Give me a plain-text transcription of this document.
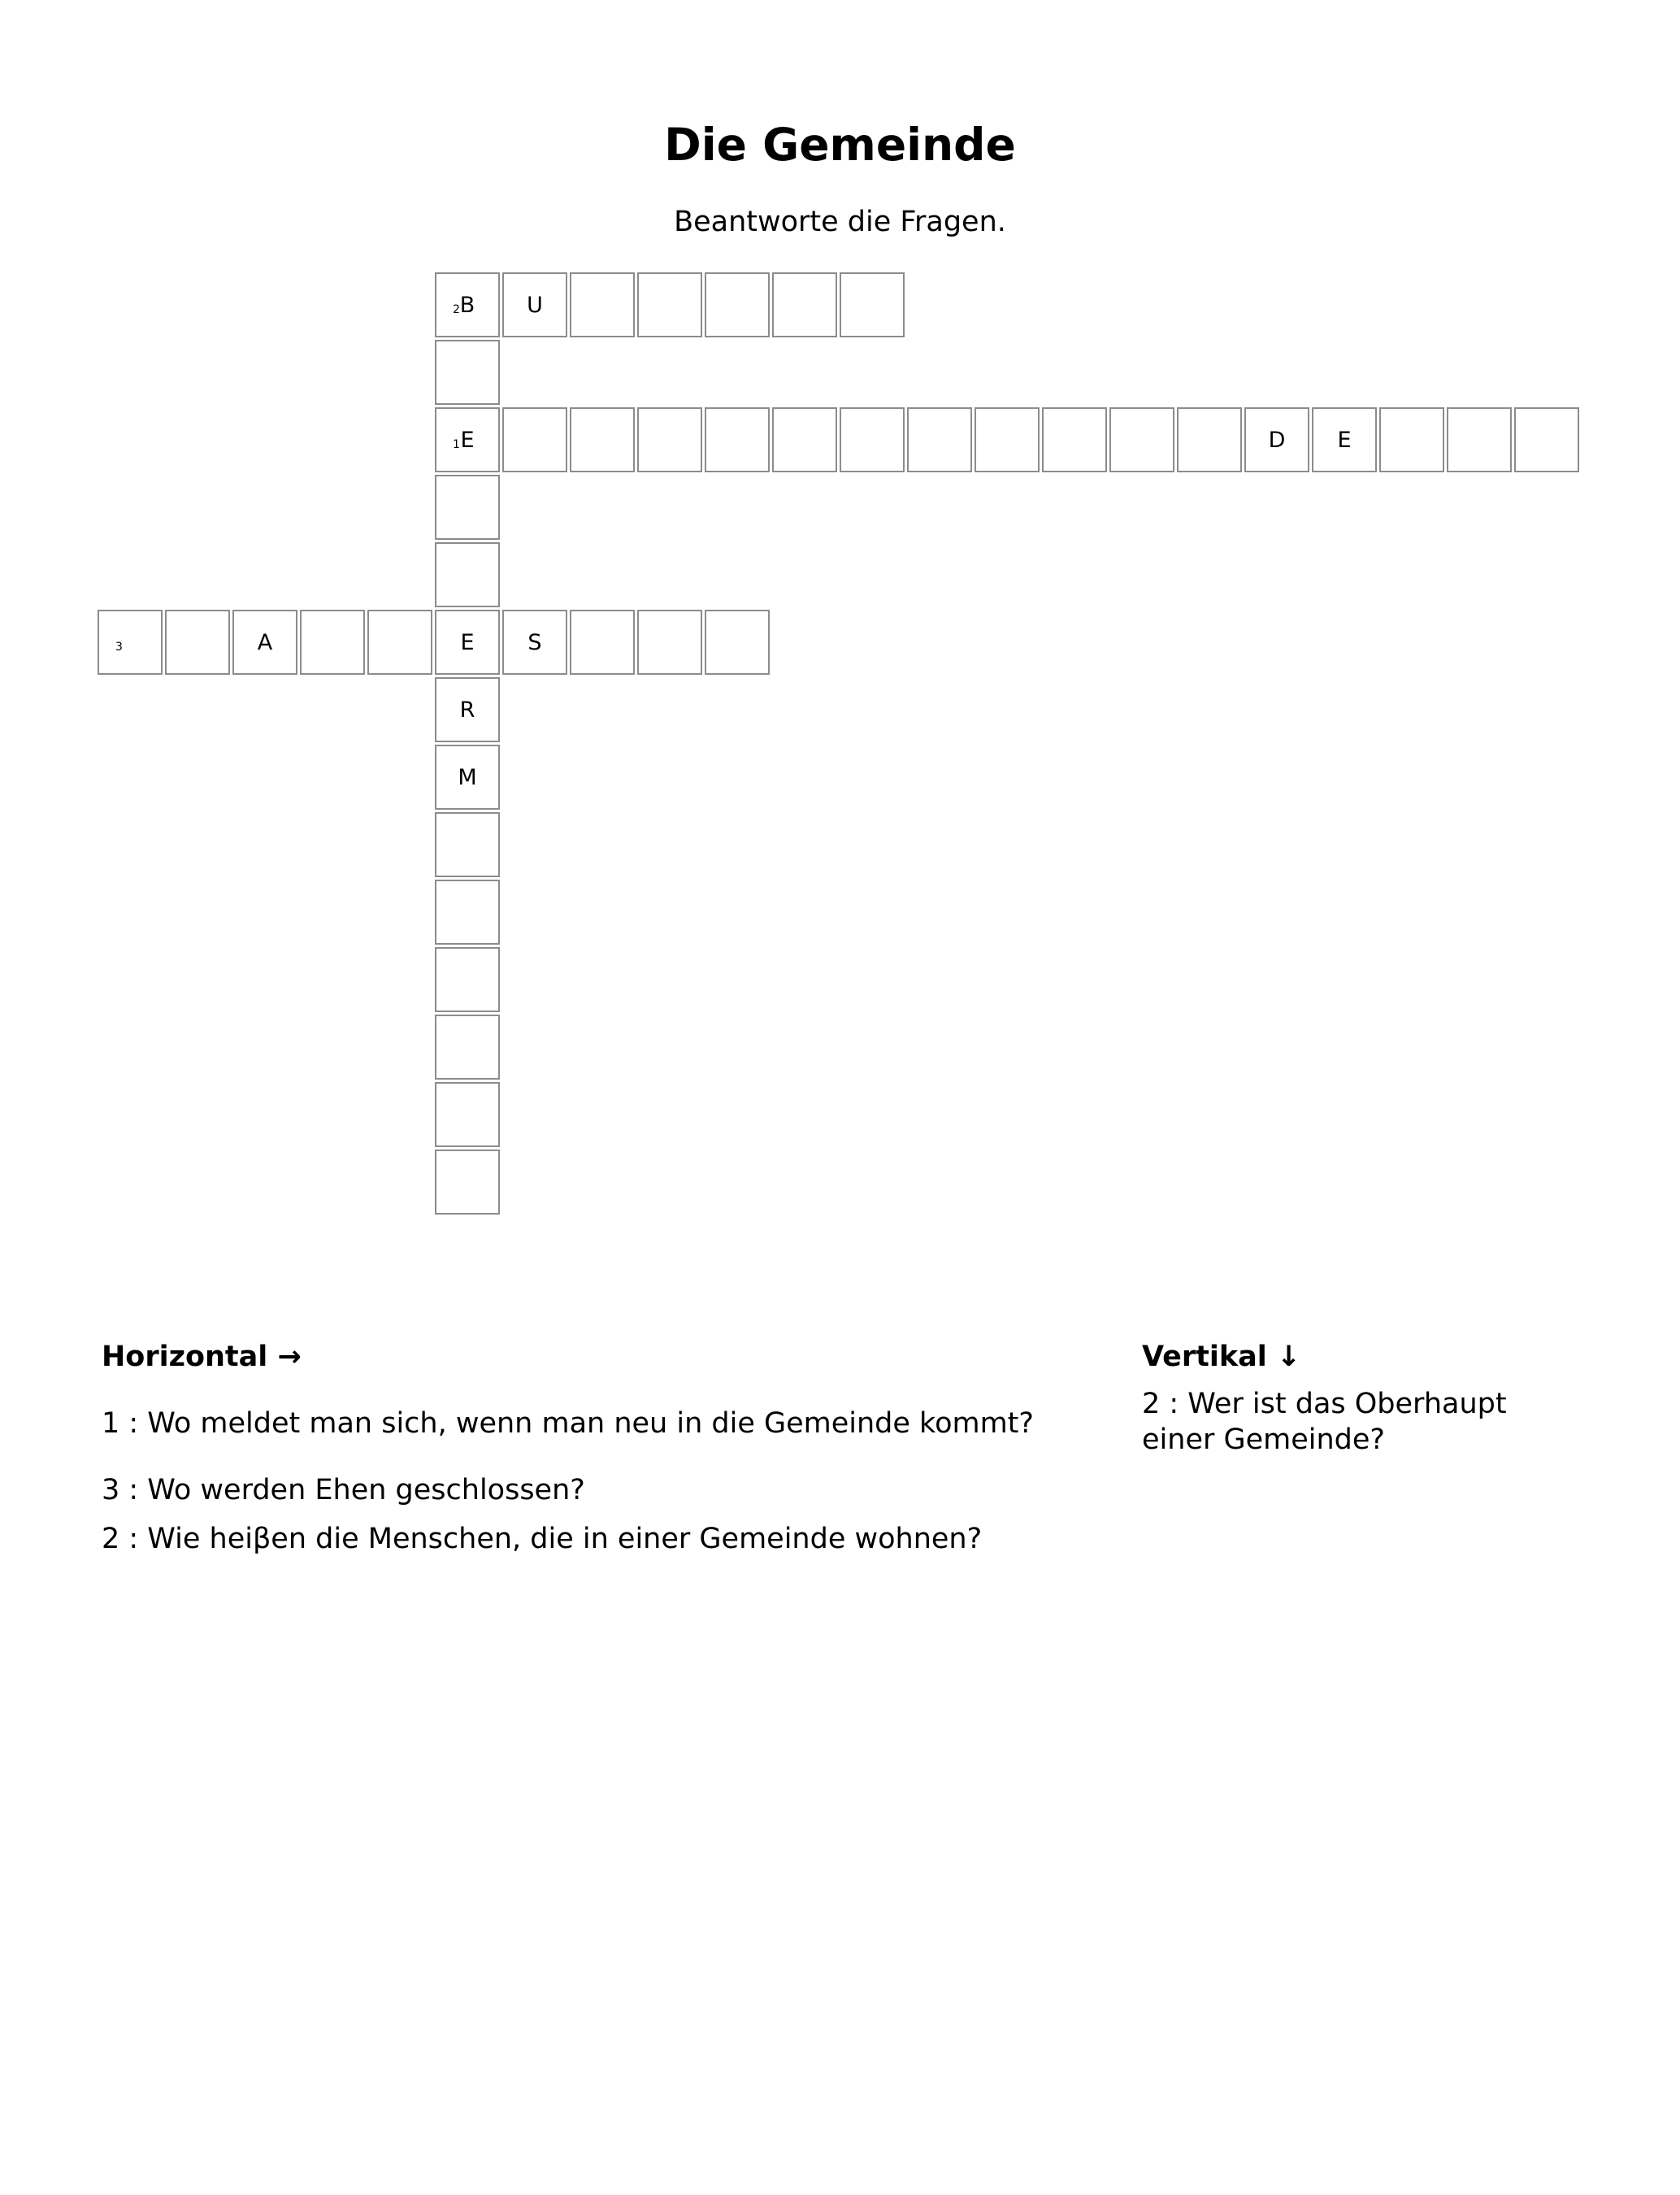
Die Gemeinde
Beantworte die Fragen.
2 B	U
1 E	D	E
3	A	E	S
R
M
Horizontal →
1 : Wo meldet man sich, wenn man neu in die Gemeinde kommt?
3 : Wo werden Ehen geschlossen?
2 : Wie heiβen die Menschen, die in einer Gemeinde wohnen?
Vertikal ↓
2 : Wer ist das Oberhaupt einer Gemeinde?
